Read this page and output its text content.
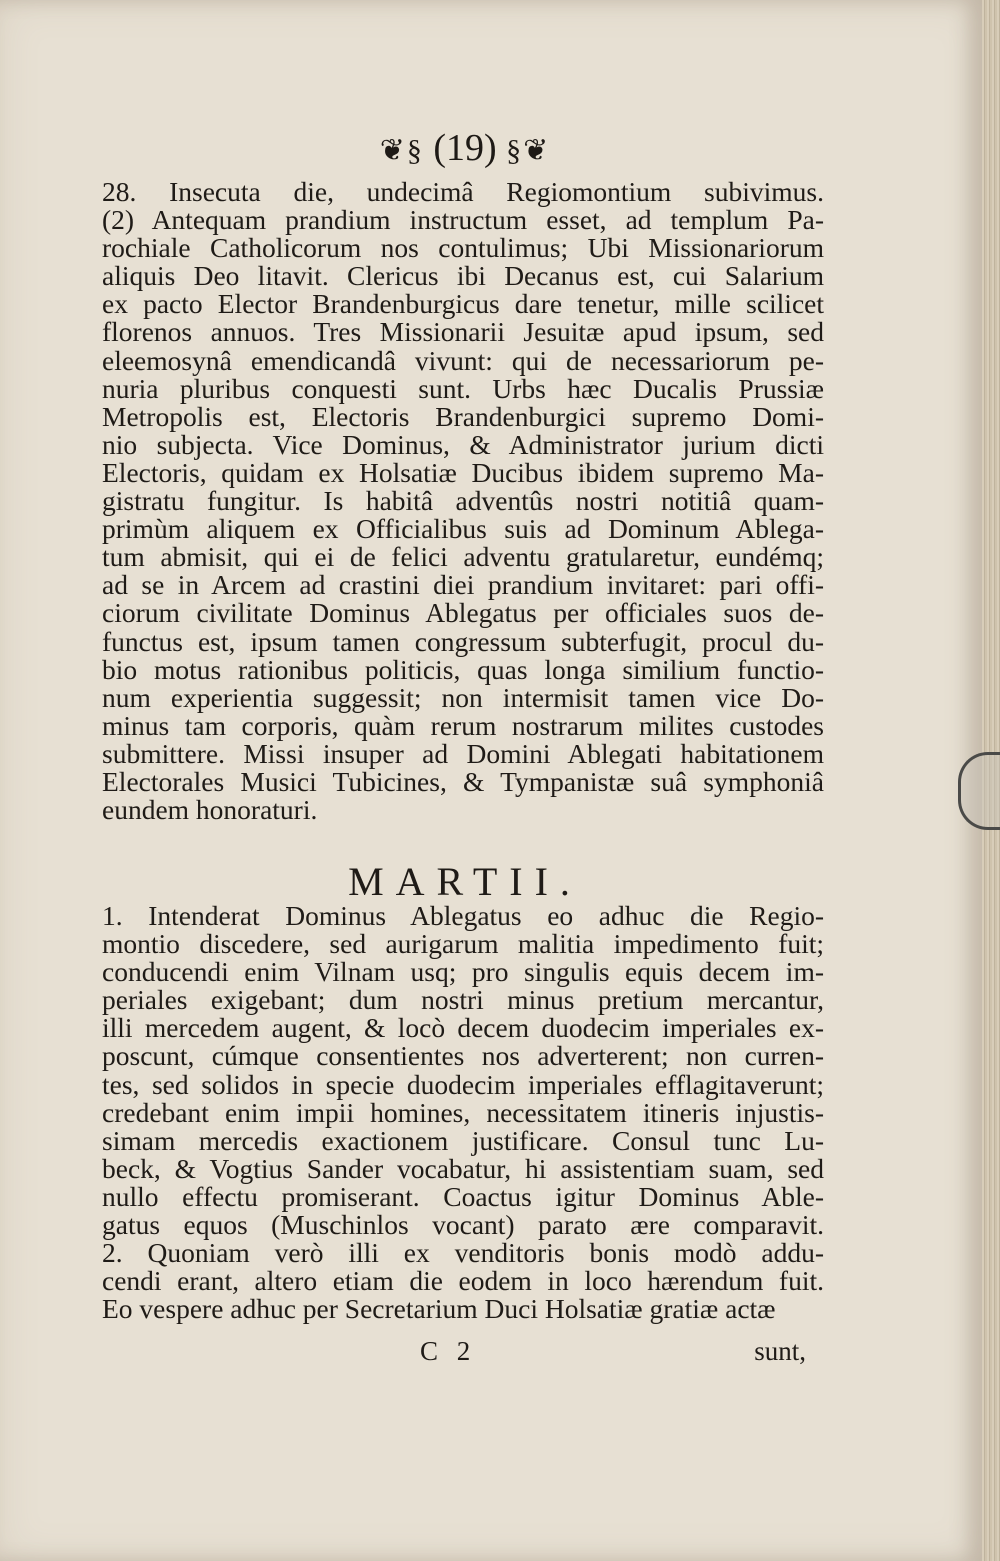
❦§ (19) §❦
28. Insecuta die, undecimâ Regiomontium subivimus.
(2) Antequam prandium instructum esset, ad templum Pa-
rochiale Catholicorum nos contulimus; Ubi Missionariorum
aliquis Deo litavit. Clericus ibi Decanus est, cui Salarium
ex pacto Elector Brandenburgicus dare tenetur, mille scilicet
florenos annuos. Tres Missionarii Jesuitæ apud ipsum, sed
eleemosynâ emendicandâ vivunt: qui de necessariorum pe-
nuria pluribus conquesti sunt. Urbs hæc Ducalis Prussiæ
Metropolis est, Electoris Brandenburgici supremo Domi-
nio subjecta. Vice Dominus, & Administrator jurium dicti
Electoris, quidam ex Holsatiæ Ducibus ibidem supremo Ma-
gistratu fungitur. Is habitâ adventûs nostri notitiâ quam-
primùm aliquem ex Officialibus suis ad Dominum Ablega-
tum abmisit, qui ei de felici adventu gratularetur, eundémq;
ad se in Arcem ad crastini diei prandium invitaret: pari offi-
ciorum civilitate Dominus Ablegatus per officiales suos de-
functus est, ipsum tamen congressum subterfugit, procul du-
bio motus rationibus politicis, quas longa similium functio-
num experientia suggessit; non intermisit tamen vice Do-
minus tam corporis, quàm rerum nostrarum milites custodes
submittere. Missi insuper ad Domini Ablegati habitationem
Electorales Musici Tubicines, & Tympanistæ suâ symphoniâ
eundem honoraturi.
MARTII.
1. Intenderat Dominus Ablegatus eo adhuc die Regio-
montio discedere, sed aurigarum malitia impedimento fuit;
conducendi enim Vilnam usq; pro singulis equis decem im-
periales exigebant; dum nostri minus pretium mercantur,
illi mercedem augent, & locò decem duodecim imperiales ex-
poscunt, cúmque consentientes nos adverterent; non curren-
tes, sed solidos in specie duodecim imperiales efflagitaverunt;
credebant enim impii homines, necessitatem itineris injustis-
simam mercedis exactionem justificare. Consul tunc Lu-
beck, & Vogtius Sander vocabatur, hi assistentiam suam, sed
nullo effectu promiserant. Coactus igitur Dominus Able-
gatus equos (Muschinlos vocant) parato ære comparavit.
2. Quoniam verò illi ex venditoris bonis modò addu-
cendi erant, altero etiam die eodem in loco hærendum fuit.
Eo vespere adhuc per Secretarium Duci Holsatiæ gratiæ actæ
C 2	sunt,
